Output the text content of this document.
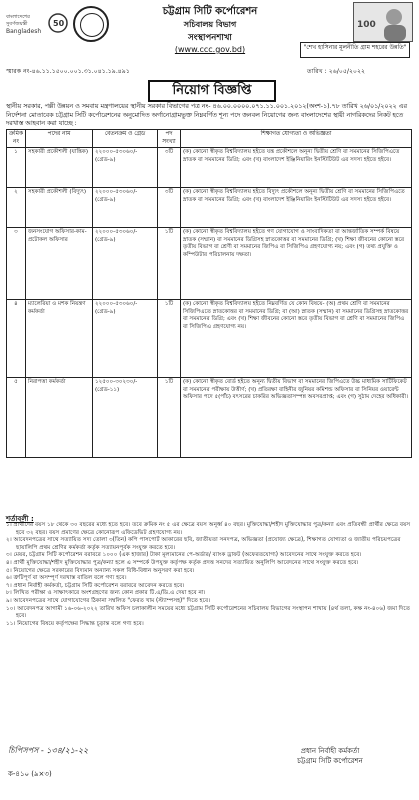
বাংলাদেশের
সুবর্ণজয়ন্তী
Bangladesh
50
চট্টগ্রাম সিটি কর্পোরেশন
সচিবালয় বিভাগ
সংস্থাপনশাখা
(www.ccc.gov.bd)
100
"শেখ হাসিনার মূলনীতি গ্রাম শহরের উন্নতি"
স্মারক নং-৪৬.১১.১৫০০.০০১.৩১.০৪১.১৯.৪৯১	তারিখ : ২৬/০৫/২০২২
নিয়োগ বিজ্ঞপ্তি
স্থানীয় সরকার, পল্লী উন্নয়ন ও সমবায় মন্ত্রণালয়ের স্থানীয় সরকার বিভাগের পত্র নং- ৪৬.০০.০০০০.০৭১.১১.০০১.২০১২(অংশ-১).৭৮ তারিখ ২৬/০১/২০২২ এর নির্দেশনা মোতাবেক চট্টগ্রাম সিটি কর্পোরেশনের অনুমোদিত অর্গানোগ্রামভুক্ত নিম্নবর্ণিত শূন্য পদে জনবল নিয়োগের জন্য বাংলাদেশের স্থায়ী নাগরিকদের নিকট হতে দরখাস্ত আহবান করা যাচ্ছে :
ক্রমিক নং	পদের নাম	বেতনক্রম ও গ্রেড	পদ সংখ্যা	শিক্ষাগত যোগ্যতা ও অভিজ্ঞতা
১	সহকারী প্রকৌশলী (যান্ত্রিক)	২২০০০-৫৩০৬০/- (গ্রেড-৯)	৩টি	(ক) কোনো স্বীকৃত বিশ্ববিদ্যালয় হইতে যন্ত্র প্রকৌশলে অনূন্য দ্বিতীয় শ্রেণি বা সমমানের সিজিপিএতে স্নাতক বা সমমানের ডিগ্রি; এবং (খ) বাংলাদেশ ইঞ্জিনিয়ারিং ইনস্টিটিউট এর সদস্য হইতে হইবে।
২	সহকারী প্রকৌশলী (বিদ্যুৎ)	২২০০০-৫৩০৬০/- (গ্রেড-৯)	৩টি	(ক) কোনো স্বীকৃত বিশ্ববিদ্যালয় হইতে বিদ্যুৎ প্রকৌশলে অনূন্য দ্বিতীয় শ্রেণি বা সমমানের সিজিপিএতে স্নাতক বা সমমানের ডিগ্রি; এবং (খ) বাংলাদেশ ইঞ্জিনিয়ারিং ইনস্টিটিউট এর সদস্য হইতে হইবে।
৩	জনসংযোগ অফিসার-কাম-প্রটোকল অফিসার	২২০০০-৫৩০৬০/- (গ্রেড-৯)	১টি	(ক) কোনো স্বীকৃত বিশ্ববিদ্যালয় হইতে গণ যোগাযোগ ও সাংবাদিকতা বা আন্তর্জাতিক সম্পর্ক বিষয়ে স্নাতক (সম্মান) বা সমমানের ডিগ্রিসহ স্নাতকোত্তর বা সমমানের ডিগ্রি; (খ) শিক্ষা জীবনের কোনো স্তরে তৃতীয় বিভাগ বা শ্রেণী বা সমমানের জিপিএ বা সিজিপিএ গ্রহণযোগ্য নয়; এবং (গ) তথ্য প্রযুক্তি ও কম্পিউটার পরিচালনায় দক্ষতা।
৪	ম্যালেরিয়া ও মশক নিয়ন্ত্রণ কর্মকর্তা	২২০০০-৫৩০৬০/- (গ্রেড-৯)	১টি	(ক) কোনো স্বীকৃত বিশ্ববিদ্যালয় হইতে নিম্নবর্ণিত যে কোন বিষয়ে- (অ) প্রথম শ্রেণি বা সমমানের সিজিপিএতে স্নাতকোত্তর বা সমমানের ডিগ্রি; বা (আ) স্নাতক (সম্মান) বা সমমানের ডিগ্রিসহ স্নাতকোত্তর বা সমমানের ডিগ্রি; এবং (খ) শিক্ষা জীবনের কোনো স্তরে তৃতীয় বিভাগ বা শ্রেণি বা সমমানের জিপিএ বা সিজিপিএ গ্রহণযোগ্য নয়।
৫	নিরাপত্তা কর্মকর্তা	১২৫০০-৩০২৩০/- (গ্রেড-১১)	১টি	(ক) কোনো স্বীকৃত বোর্ড হইতে অনূন্য দ্বিতীয় বিভাগ বা সমমানের জিপিএতে উচ্চ মাধ্যমিক সার্টিফিকেট বা সমমানের পরীক্ষায় উত্তীর্ণ; (খ) প্রতিরক্ষা বাহিনীর জুনিয়র কমিশন্ড অফিসার বা সিনিয়র ওয়ারেন্ট অফিসার পদে ৫(পাঁচ) বৎসরের চাকরির অভিজ্ঞতাসম্পন্ন অবসরপ্রাপ্ত; এবং (গ) সুঠাম দেহের অধিকারী।
শর্তাবলী :
১। প্রার্থীদের বয়স ১৮ থেকে ৩০ বছরের মধ্যে হতে হবে। তবে ক্রমিক নং ৫ এর ক্ষেত্রে বয়স অনূর্ধ্ব ৪০ বছর। মুক্তিযোদ্ধা/শহীদ মুক্তিযোদ্ধার পুত্র/কন্যা এবং প্রতিবন্ধী প্রার্থীর ক্ষেত্রে বয়স হবে ৩২ বছর। বয়স প্রমাণের ক্ষেত্রে কোনোরূপ এফিডেভিট গ্রহণযোগ্য নয়।
২। আবেদনপত্রের সাথে সত্যায়িত সদ্য তোলা ৩(তিন) কপি পাসপোর্ট আকারের ছবি, জাতীয়তা সনদপত্র, অভিজ্ঞতা (প্রযোজ্য ক্ষেত্রে), শিক্ষাগত যোগ্যতা ও জাতীয় পরিচয়পত্রের ছায়ালিপি প্রথম শ্রেণির কর্মকর্তা কর্তৃক সত্যায়নপূর্বক সংযুক্ত করতে হবে।
৩। মেয়র, চট্টগ্রাম সিটি কর্পোরেশন বরাবরে ১০০০ (এক হাজার) টাকা মূল্যমানের পে-অর্ডার/ ব্যাংক ড্রাফট (অফেরতযোগ্য) আবেদনের সাথে সংযুক্ত করতে হবে।
৪। প্রার্থী মুক্তিযোদ্ধা/শহীদ মুক্তিযোদ্ধার পুত্র/কন্যা হলে এ সম্পর্কে উপযুক্ত কর্তৃপক্ষ কর্তৃক প্রদত্ত সনদের সত্যায়িত অনুলিপি আবেদনের সাথে সংযুক্ত করতে হবে।
৫। নিয়োগের ক্ষেত্রে সরকারের বিদ্যমান অন্যান্য সকল বিধি-বিধান অনুসরণ করা হবে।
৬। ত্রুটিপূর্ণ বা অসম্পূর্ণ দরখাস্ত বাতিল বলে গণ্য হবে।
৭। প্রধান নির্বাহী কর্মকর্তা, চট্টগ্রাম সিটি কর্পোরেশন বরাবরে আবেদন করতে হবে।
৮। লিখিত পরীক্ষা ও সাক্ষাৎকারে অংশগ্রহণের জন্য কোন প্রকার টি.এ/ডি.এ দেয়া হবে না।
৯। আবেদনপত্রের সাথে যোগাযোগের ঠিকানা সম্বলিত "ফেরত খাম (স্ট্যাম্পসহ)" দিতে হবে।
১০। আবেদনপত্র আগামী ১৬-০৬-২০২২ তারিখ অফিস চলাকালীন সময়ের মধ্যে চট্টগ্রাম সিটি কর্পোরেশনের সচিবালয় বিভাগের সংস্থাপন শাখায় (৪র্থ তলা, কক্ষ নং-৪০৬) জমা দিতে হবে।
১১। নিয়োগের বিষয়ে কর্তৃপক্ষের সিদ্ধান্ত চূড়ান্ত বলে গণ্য হবে।
প্রধান নির্বাহী কর্মকর্তা
চট্টগ্রাম সিটি কর্পোরেশন
চিপিসপস - ১৩৪/২১-২২
ক-৪১০ (৯×৩)
